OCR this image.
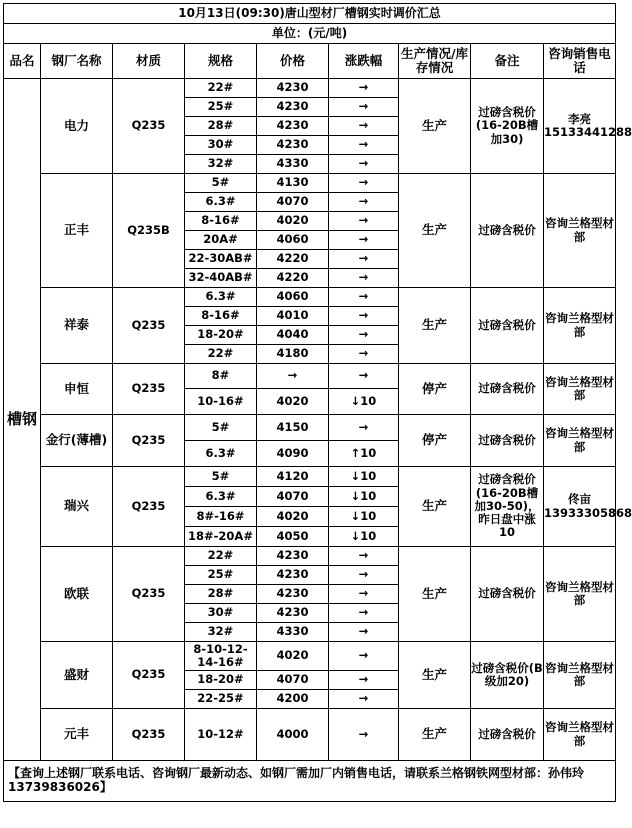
10月13日(09:30)唐山型材厂槽钢实时调价汇总								
单位：(元/吨)								
品名	钢厂名称	材质	规格	价格	涨跌幅	生产情况/库存情况	备注	咨询销售电话
槽钢	电力	Q235	22#	4230	→	生产	过磅含税价(16-20B槽加30)	李亮15133441288
			25#	4230	→			
			28#	4230	→			
			30#	4230	→			
			32#	4330	→			
	正丰	Q235B	5#	4130	→	生产	过磅含税价	咨询兰格型材部
			6.3#	4070	→			
			8-16#	4020	→			
			20A#	4060	→			
			22-30AB#	4220	→			
			32-40AB#	4220	→			
	祥泰	Q235	6.3#	4060	→	生产	过磅含税价	咨询兰格型材部
			8-16#	4010	→			
			18-20#	4040	→			
			22#	4180	→			
	申恒	Q235	8#	→	→	停产	过磅含税价	咨询兰格型材部
			10-16#	4020	↓10			
	金行(薄槽)	Q235	5#	4150	→	停产	过磅含税价	咨询兰格型材部
			6.3#	4090	↑10			
	瑞兴	Q235	5#	4120	↓10	生产	过磅含税价(16-20B槽加30-50)，昨日盘中涨10	佟亩13933305868
			6.3#	4070	↓10			
			8#-16#	4020	↓10			
			18#-20A#	4050	↓10			
	欧联	Q235	22#	4230	→	生产	过磅含税价	咨询兰格型材部
			25#	4230	→			
			28#	4230	→			
			30#	4230	→			
			32#	4330	→			
	盛财	Q235	8-10-12-14-16#	4020	→	生产	过磅含税价(B级加20)	咨询兰格型材部
			18-20#	4070	→			
			22-25#	4200	→			
	元丰	Q235	10-12#	4000	→	生产	过磅含税价	咨询兰格型材部
【查询上述钢厂联系电话、咨询钢厂最新动态、如钢厂需加厂内销售电话，请联系兰格钢铁网型材部：孙伟玲13739836026】								
